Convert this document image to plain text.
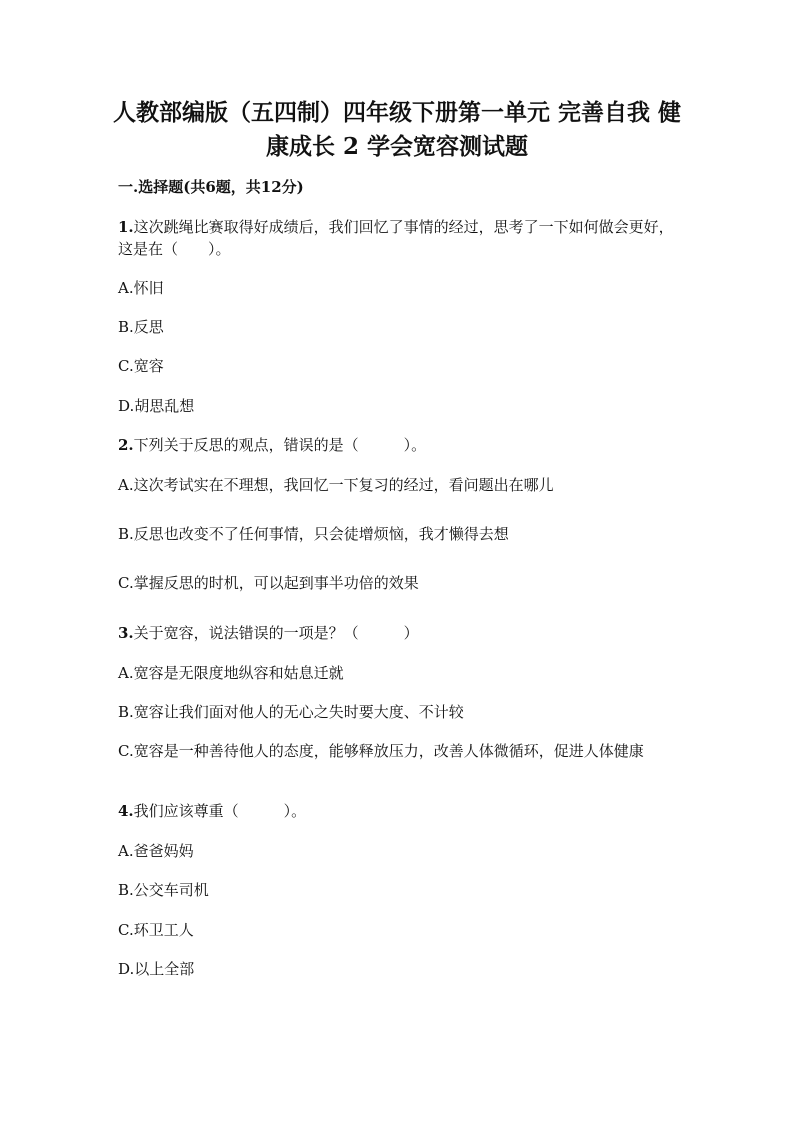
人教部编版（五四制）四年级下册第一单元 完善自我 健康成长 2 学会宽容测试题

一.选择题(共6题，共12分)

1.这次跳绳比赛取得好成绩后，我们回忆了事情的经过，思考了一下如何做会更好，这是在（　　）。

A.怀旧

B.反思

C.宽容

D.胡思乱想

2.下列关于反思的观点，错误的是（　　　）。

A.这次考试实在不理想，我回忆一下复习的经过，看问题出在哪儿

B.反思也改变不了任何事情，只会徒增烦恼，我才懒得去想

C.掌握反思的时机，可以起到事半功倍的效果

3.关于宽容，说法错误的一项是？（　　　）

A.宽容是无限度地纵容和姑息迁就

B.宽容让我们面对他人的无心之失时要大度、不计较

C.宽容是一种善待他人的态度，能够释放压力，改善人体微循环，促进人体健康

4.我们应该尊重（　　　）。

A.爸爸妈妈

B.公交车司机

C.环卫工人

D.以上全部
